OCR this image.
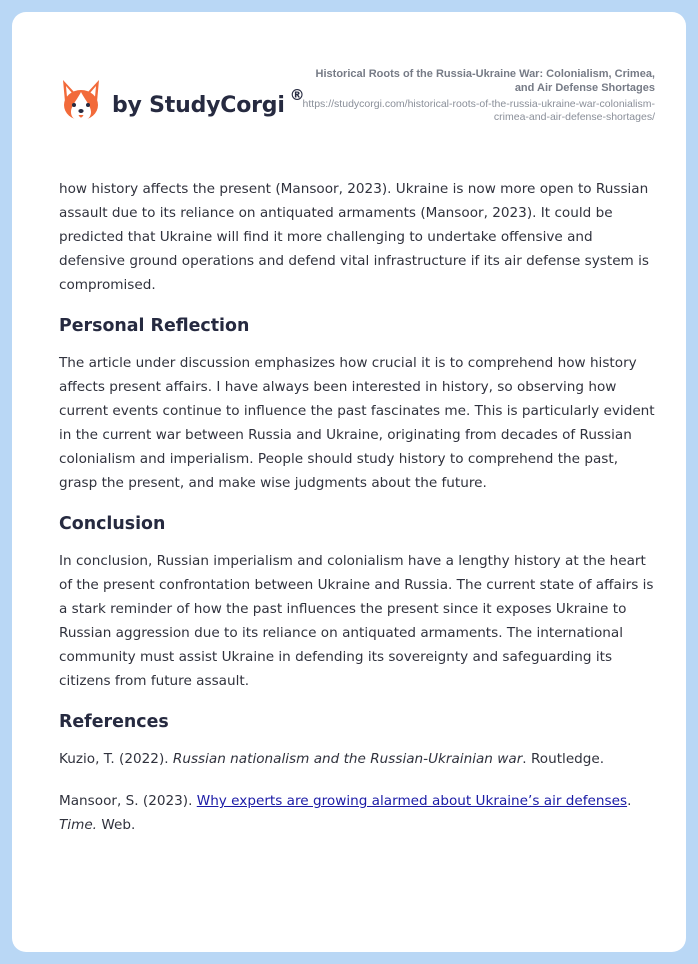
by StudyCorgi ®

Historical Roots of the Russia-Ukraine War: Colonialism, Crimea, and Air Defense Shortages

https://studycorgi.com/historical-roots-of-the-russia-ukraine-war-colonialism-crimea-and-air-defense-shortages/

how history affects the present (Mansoor, 2023). Ukraine is now more open to Russian assault due to its reliance on antiquated armaments (Mansoor, 2023). It could be predicted that Ukraine will find it more challenging to undertake offensive and defensive ground operations and defend vital infrastructure if its air defense system is compromised.

Personal Reflection

The article under discussion emphasizes how crucial it is to comprehend how history affects present affairs. I have always been interested in history, so observing how current events continue to influence the past fascinates me. This is particularly evident in the current war between Russia and Ukraine, originating from decades of Russian colonialism and imperialism. People should study history to comprehend the past, grasp the present, and make wise judgments about the future.

Conclusion

In conclusion, Russian imperialism and colonialism have a lengthy history at the heart of the present confrontation between Ukraine and Russia. The current state of affairs is a stark reminder of how the past influences the present since it exposes Ukraine to Russian aggression due to its reliance on antiquated armaments. The international community must assist Ukraine in defending its sovereignty and safeguarding its citizens from future assault.

References

Kuzio, T. (2022). Russian nationalism and the Russian-Ukrainian war. Routledge.

Mansoor, S. (2023). Why experts are growing alarmed about Ukraine’s air defenses.
Time. Web.
